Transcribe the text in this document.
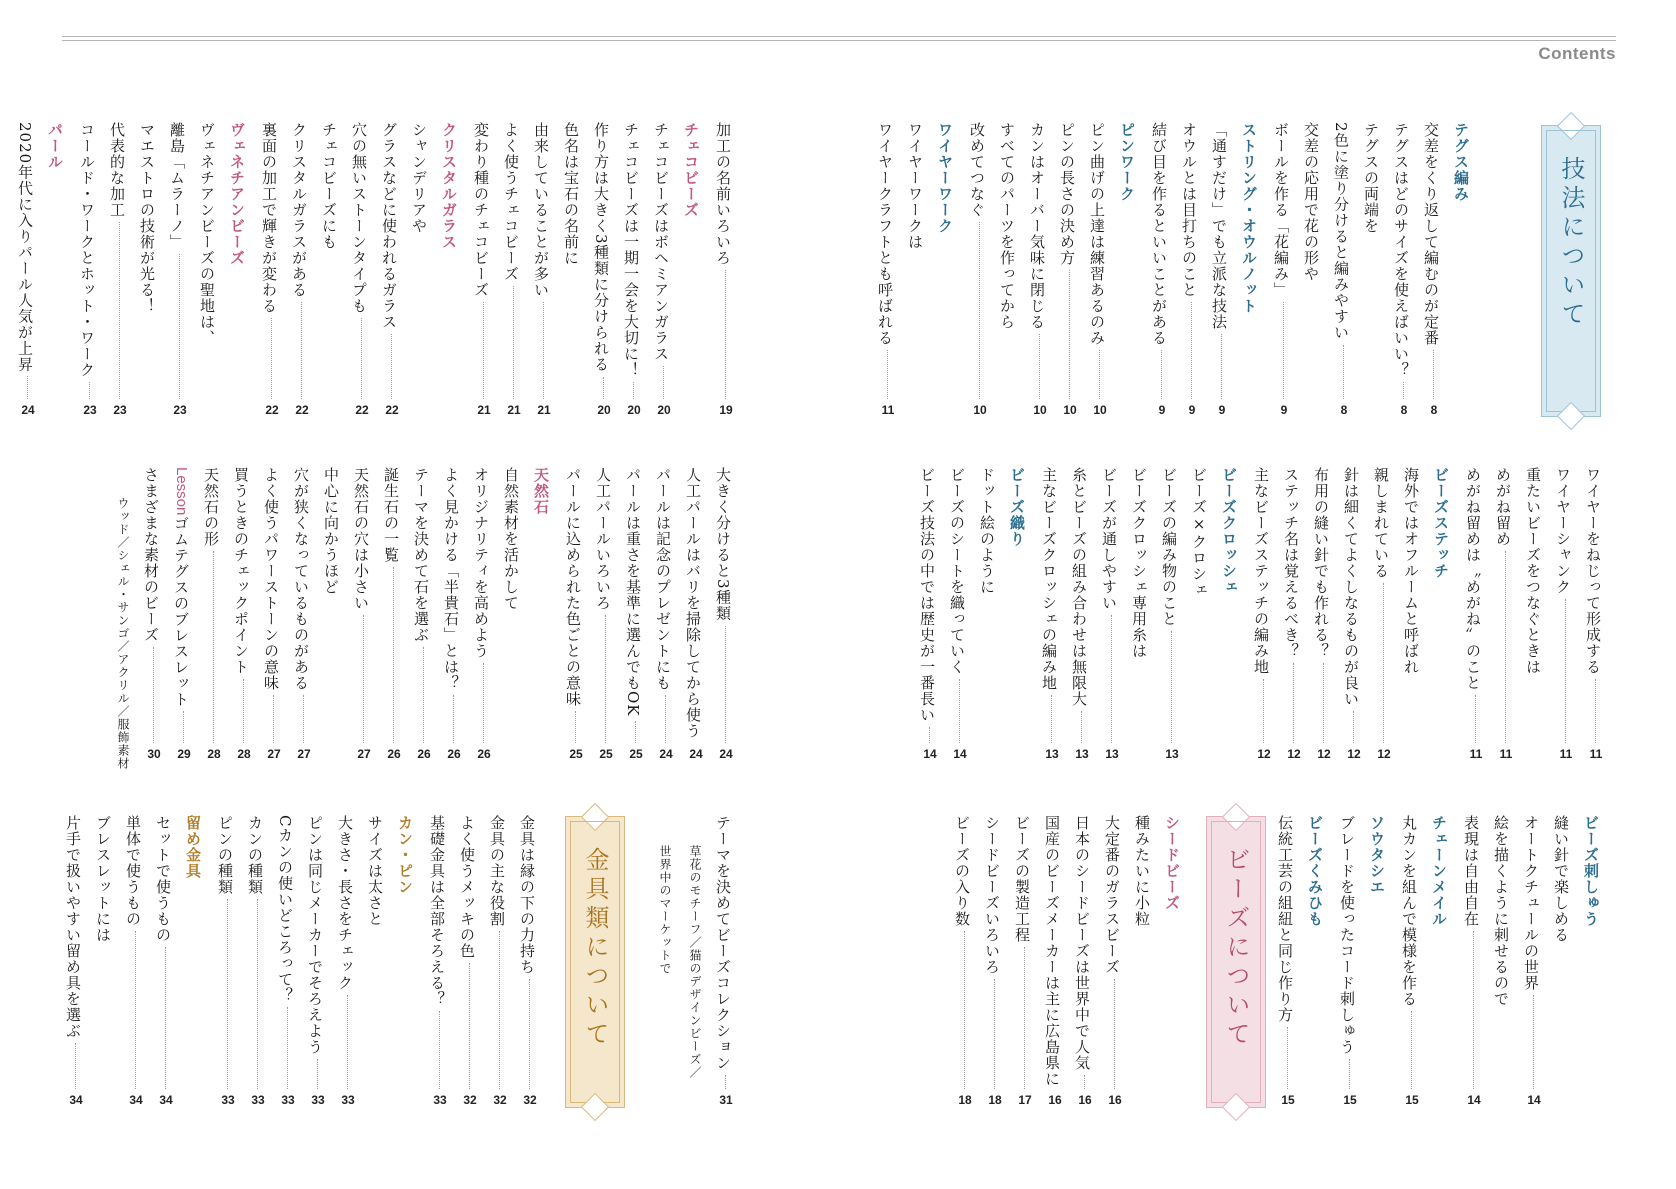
Contents
技法について
ビーズについて
金具類について
テグス編み
交差をくり返して編むのが定番
8
テグスはどのサイズを使えばいい？
8
テグスの両端を
2色に塗り分けると編みやすい
8
交差の応用で花の形や
ボールを作る「花編み」
9
ストリング・オウルノット
「通すだけ」でも立派な技法
9
オウルとは目打ちのこと
9
結び目を作るといいことがある
9
ピンワーク
ピン曲げの上達は練習あるのみ
10
ピンの長さの決め方
10
カンはオーバー気味に閉じる
10
すべてのパーツを作ってから
改めてつなぐ
10
ワイヤーワーク
ワイヤーワークは
ワイヤークラフトとも呼ばれる
11
ワイヤーをねじって形成する
11
ワイヤーシャンク
11
重たいビーズをつなぐときは
めがね留め
11
めがね留めは〝めがね〟のこと
11
ビーズステッチ
海外ではオフルームと呼ばれ
親しまれている
12
針は細くてよくしなるものが良い
12
布用の縫い針でも作れる？
12
ステッチ名は覚えるべき？
12
主なビーズステッチの編み地
12
ビーズクロッシェ
ビーズ×クロシェ
ビーズの編み物のこと
13
ビーズクロッシェ専用糸は
ビーズが通しやすい
13
糸とビーズの組み合わせは無限大
13
主なビーズクロッシェの編み地
13
ビーズ織り
ドット絵のように
ビーズのシートを織っていく
14
ビーズ技法の中では歴史が一番長い
14
ビーズ刺しゅう
縫い針で楽しめる
オートクチュールの世界
14
絵を描くように刺せるので
表現は自由自在
14
チェーンメイル
丸カンを組んで模様を作る
15
ソウタシエ
ブレードを使ったコード刺しゅう
15
ビーズくみひも
伝統工芸の組紐と同じ作り方
15
シードビーズ
種みたいに小粒
大定番のガラスビーズ
16
日本のシードビーズは世界中で人気
16
国産のビーズメーカーは主に広島県に
16
ビーズの製造工程
17
シードビーズいろいろ
18
ビーズの入り数
18
加工の名前いろいろ
19
チェコビーズ
チェコビーズはボヘミアンガラス
20
チェコビーズは一期一会を大切に！
20
作り方は大きく3種類に分けられる
20
色名は宝石の名前に
由来していることが多い
21
よく使うチェコビーズ
21
変わり種のチェコビーズ
21
クリスタルガラス
シャンデリアや
グラスなどに使われるガラス
22
穴の無いストーンタイプも
22
チェコビーズにも
クリスタルガラスがある
22
裏面の加工で輝きが変わる
22
ヴェネチアンビーズ
ヴェネチアンビーズの聖地は、
離島「ムラーノ」
23
マエストロの技術が光る！
代表的な加工
23
コールド・ワークとホット・ワーク
23
パール
2020年代に入りパール人気が上昇
24
大きく分けると3種類
24
人工パールはバリを掃除してから使う
24
パールは記念のプレゼントにも
24
パールは重さを基準に選んでもOK
25
人工パールいろいろ
25
パールに込められた色ごとの意味
25
天然石
自然素材を活かして
オリジナリティを高めよう
26
よく見かける「半貴石」とは？
26
テーマを決めて石を選ぶ
26
誕生石の一覧
26
天然石の穴は小さい
27
中心に向かうほど
穴が狭くなっているものがある
27
よく使うパワーストーンの意味
27
買うときのチェックポイント
28
天然石の形
28
Lessonゴムテグスのブレスレット
29
さまざまな素材のビーズ
30
ウッド／シェル・サンゴ／アクリル／服飾素材
テーマを決めてビーズコレクション
31
草花のモチーフ／猫のデザインビーズ／
世界中のマーケットで
金具は縁の下の力持ち
32
金具の主な役割
32
よく使うメッキの色
32
基礎金具は全部そろえる？
33
カン・ピン
サイズは太さと
大きさ・長さをチェック
33
ピンは同じメーカーでそろえよう
33
Cカンの使いどころって？
33
カンの種類
33
ピンの種類
33
留め金具
セットで使うもの
34
単体で使うもの
34
ブレスレットには
片手で扱いやすい留め具を選ぶ
34
